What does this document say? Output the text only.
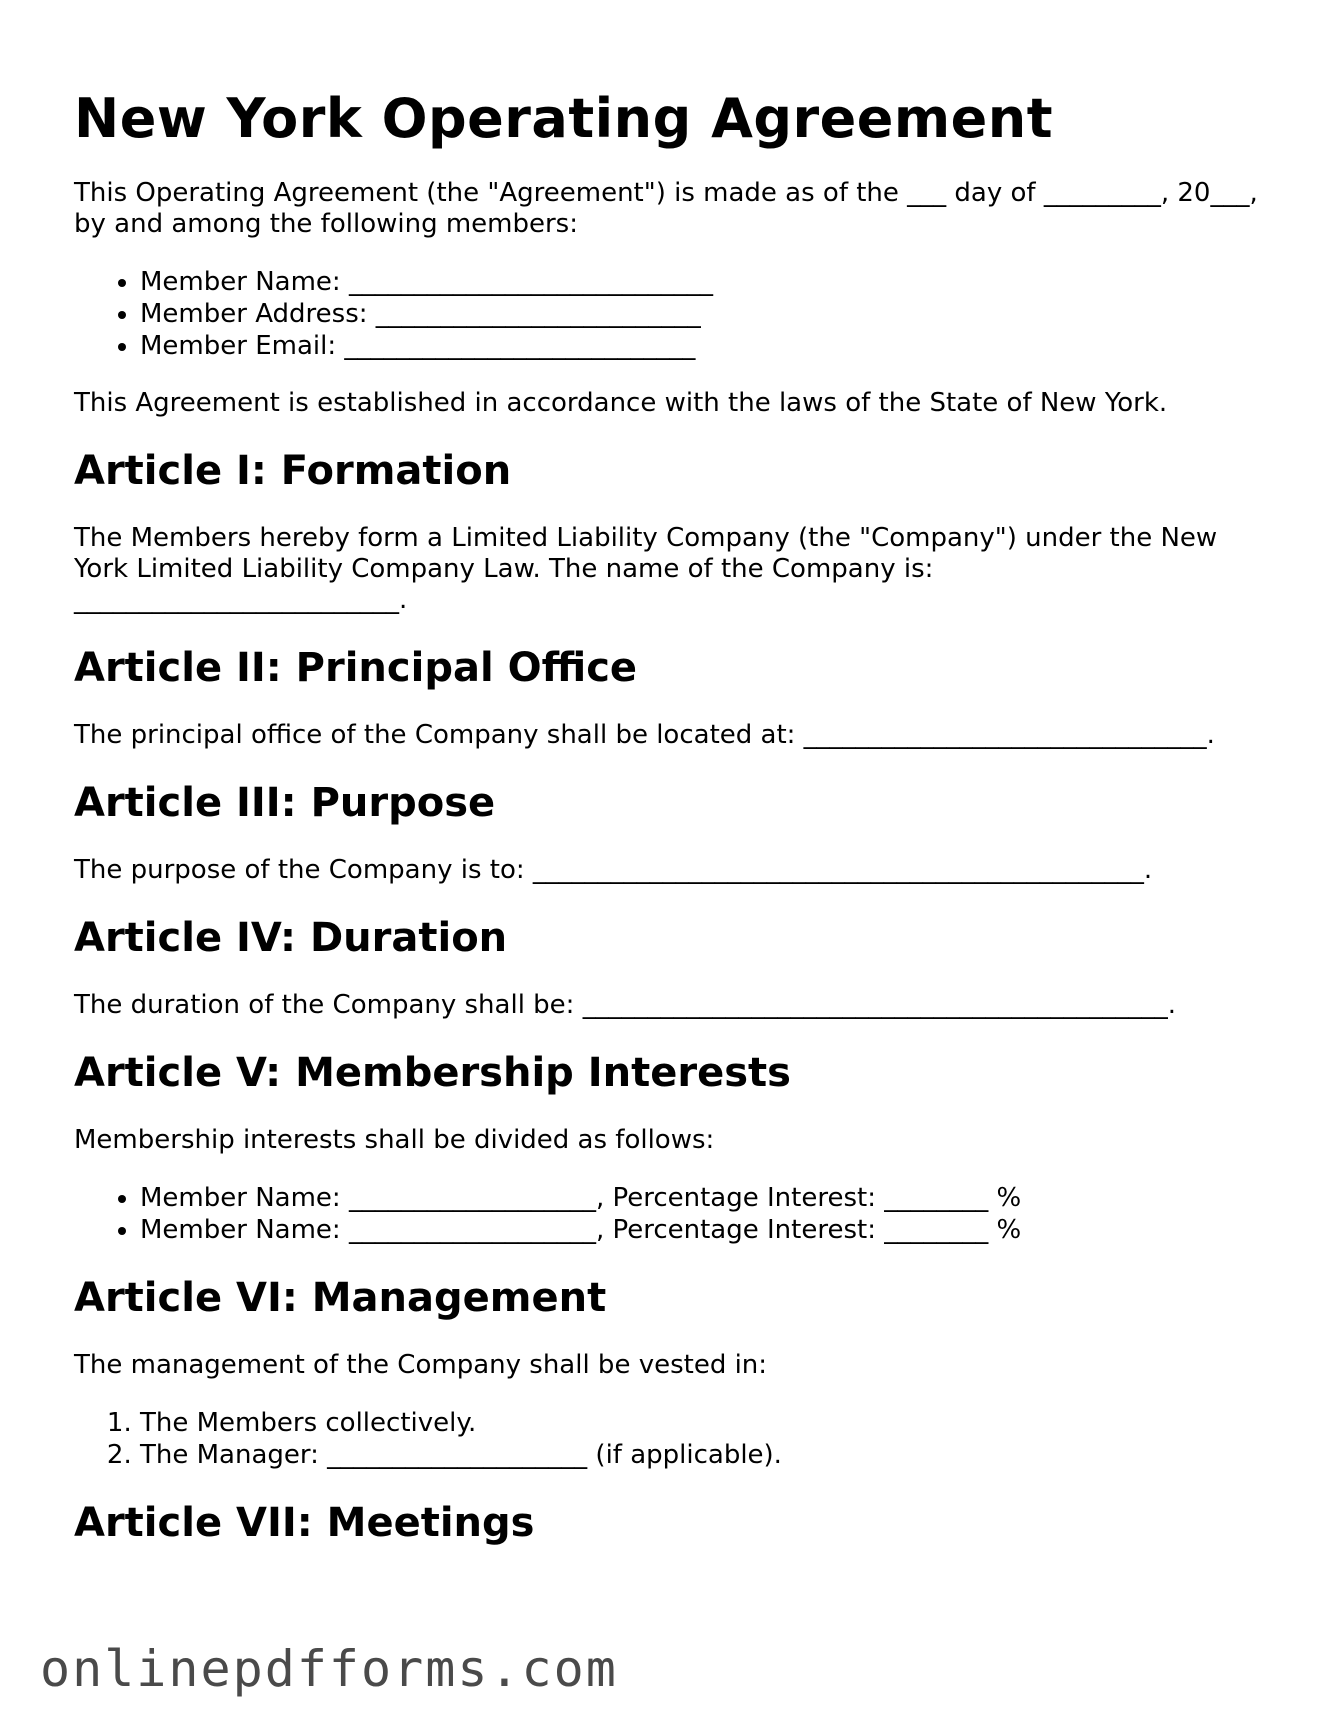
New York Operating Agreement

This Operating Agreement (the "Agreement") is made as of the ___ day of _________, 20___, by and among the following members:

• Member Name: ____________________________
• Member Address: _________________________
• Member Email: ___________________________

This Agreement is established in accordance with the laws of the State of New York.

Article I: Formation

The Members hereby form a Limited Liability Company (the "Company") under the New York Limited Liability Company Law. The name of the Company is: _________________________.

Article II: Principal Office

The principal office of the Company shall be located at: _______________________________.

Article III: Purpose

The purpose of the Company is to: _______________________________________________.

Article IV: Duration

The duration of the Company shall be: _____________________________________________.

Article V: Membership Interests

Membership interests shall be divided as follows:

• Member Name: ___________________, Percentage Interest: ________ %
• Member Name: ___________________, Percentage Interest: ________ %
Article VI: Management

The management of the Company shall be vested in:

1. The Members collectively.
2. The Manager: ____________________ (if applicable).
Article VII: Meetings
onlinepdfforms.com
